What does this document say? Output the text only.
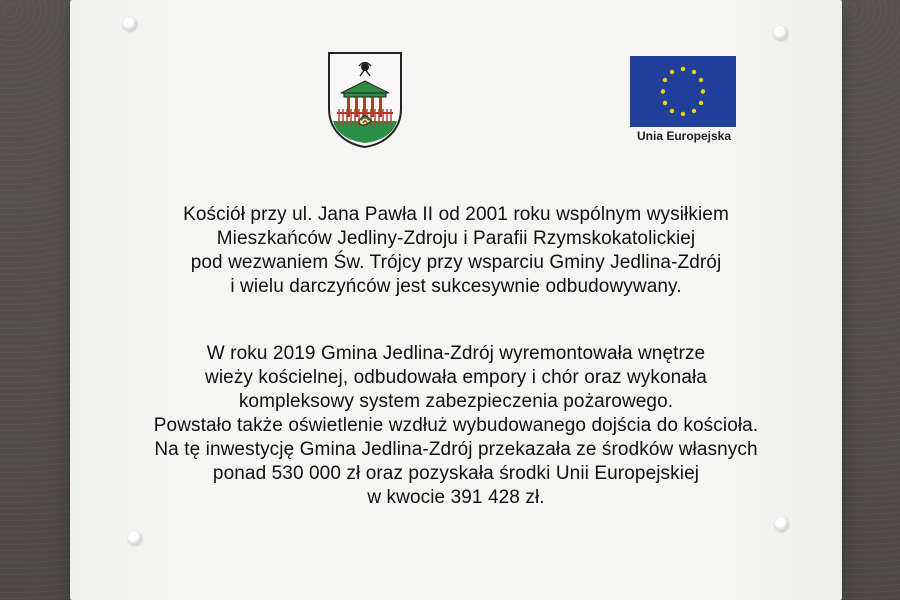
Unia Europejska
Kościół przy ul. Jana Pawła II od 2001 roku wspólnym wysiłkiem
Mieszkańców Jedliny-Zdroju i Parafii Rzymskokatolickiej
pod wezwaniem Św. Trójcy przy wsparciu Gminy Jedlina-Zdrój
i wielu darczyńców jest sukcesywnie odbudowywany.
W roku 2019 Gmina Jedlina-Zdrój wyremontowała wnętrze
wieży kościelnej, odbudowała empory i chór oraz wykonała
kompleksowy system zabezpieczenia pożarowego.
Powstało także oświetlenie wzdłuż wybudowanego dojścia do kościoła.
Na tę inwestycję Gmina Jedlina-Zdrój przekazała ze środków własnych
ponad 530 000 zł oraz pozyskała środki Unii Europejskiej
w kwocie 391 428 zł.
